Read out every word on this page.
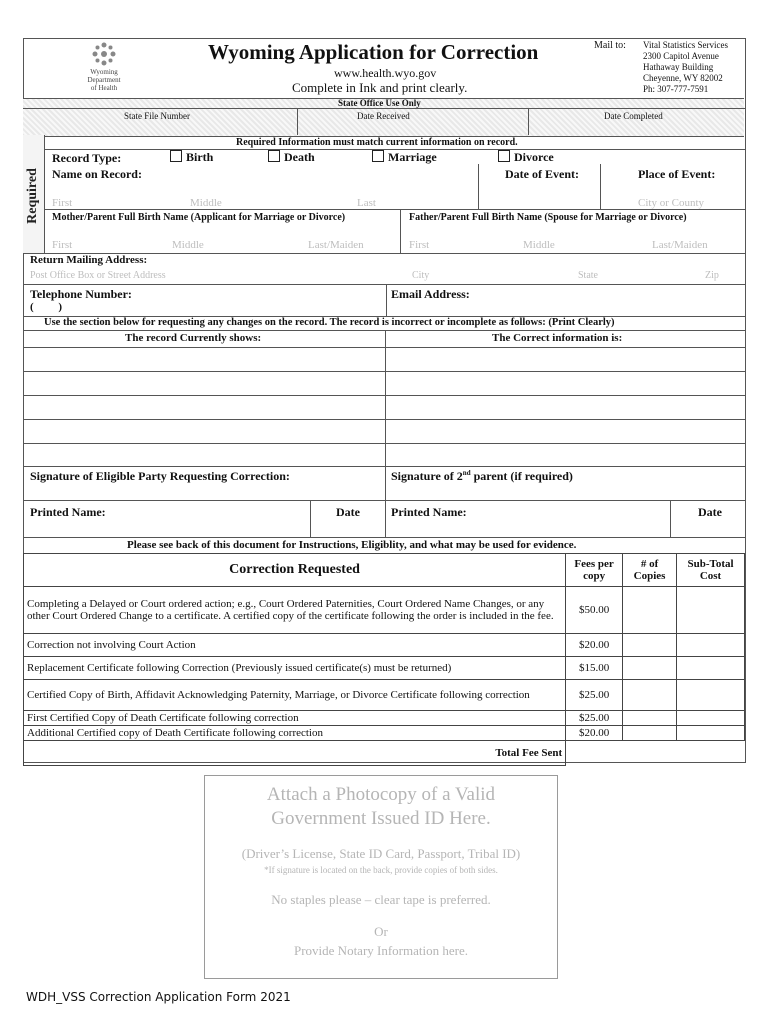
Wyoming
Department
of Health
Wyoming Application for Correction
www.health.wyo.gov
Complete in Ink and print clearly.
Mail to: Vital Statistics Services
2300 Capitol Avenue
Hathaway Building
Cheyenne, WY 82002
Ph: 307-777-7591
State Office Use Only
State File Number	Date Received	Date Completed
Required
Required Information must match current information on record.
Record Type:	Birth	Death	Marriage	Divorce
Name on Record:	Date of Event:	Place of Event:
First	Middle	Last	City or County
Mother/Parent Full Birth Name (Applicant for Marriage or Divorce)	Father/Parent Full Birth Name (Spouse for Marriage or Divorce)
First	Middle	Last/Maiden	First	Middle	Last/Maiden
Return Mailing Address:
Post Office Box or Street Address	City	State	Zip
Telephone Number:
(         )
Email Address:
Use the section below for requesting any changes on the record. The record is incorrect or incomplete as follows: (Print Clearly)
The record Currently shows:	The Correct information is:
Signature of Eligible Party Requesting Correction:	Signature of 2nd parent (if required)
Printed Name:	Date	Printed Name:	Date
Please see back of this document for Instructions, Eligiblity, and what may be used for evidence.
Correction Requested	Fees per copy	# of Copies	Sub-Total Cost
Completing a Delayed or Court ordered action; e.g., Court Ordered Paternities, Court Ordered Name Changes, or any other Court Ordered Change to a certificate. A certified copy of the certificate following the order is included in the fee.	$50.00		
Correction not involving Court Action	$20.00		
Replacement Certificate following Correction (Previously issued certificate(s) must be returned)	$15.00		
Certified Copy of Birth, Affidavit Acknowledging Paternity, Marriage, or Divorce Certificate following correction	$25.00		
First Certified Copy of Death Certificate following correction	$25.00		
Additional Certified copy of Death Certificate following correction	$20.00		
Total Fee Sent			
Attach a Photocopy of a Valid
Government Issued ID Here.
(Driver’s License, State ID Card, Passport, Tribal ID)
*If signature is located on the back, provide copies of both sides.
No staples please – clear tape is preferred.
Or
Provide Notary Information here.
WDH_VSS Correction Application Form 2021
